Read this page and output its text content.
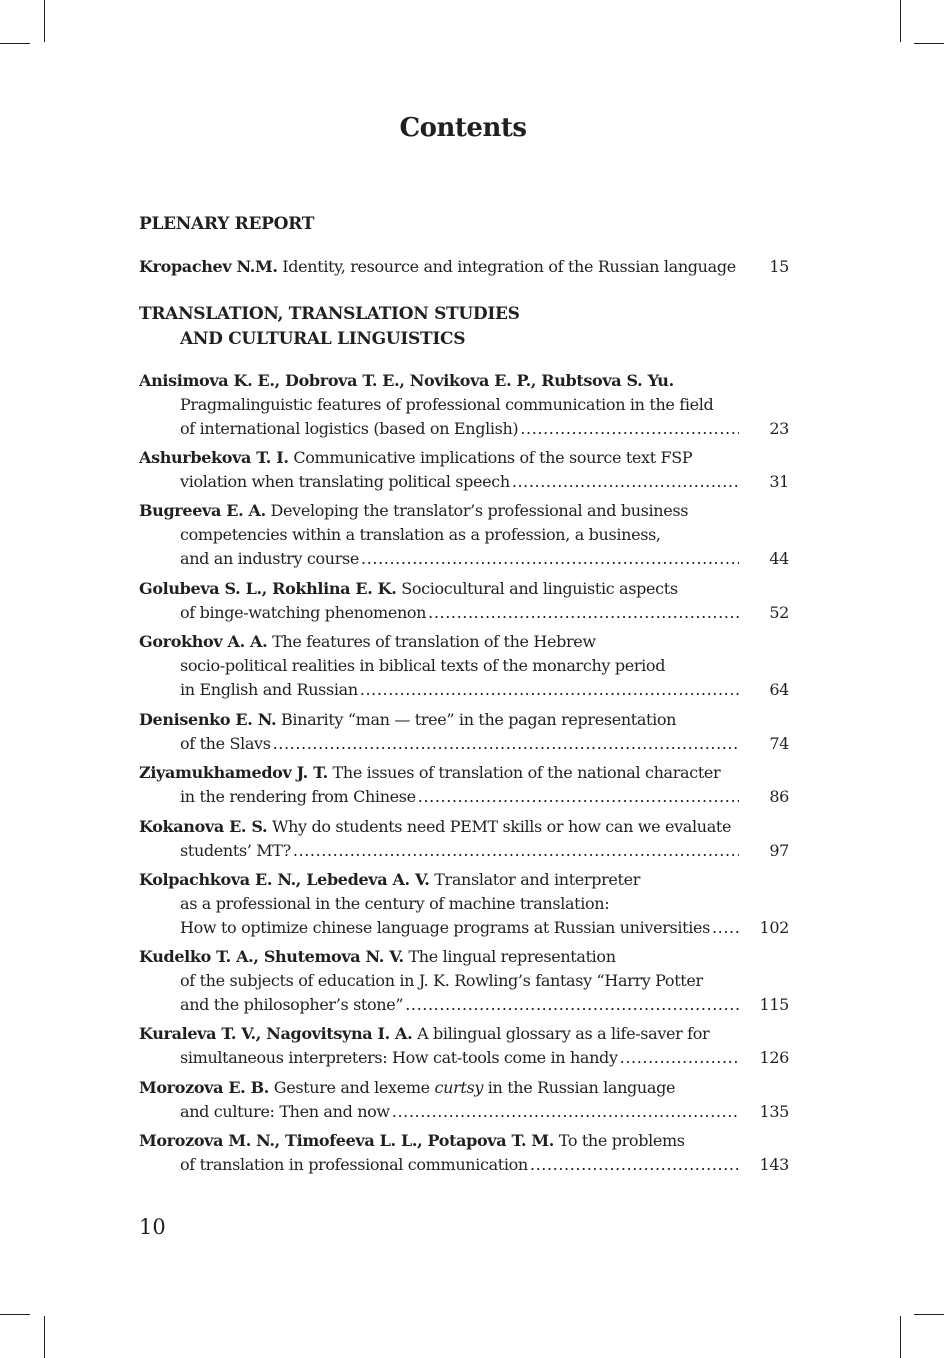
Contents
PLENARY REPORT
Kropachev N.M.
Identity, resource and integration of the Russian language .....	15
TRANSLATION, TRANSLATION STUDIES
AND CULTURAL LINGUISTICS
Anisimova K. E., Dobrova T. E., Novikova E. P., Rubtsova S. Yu.
Pragmalinguistic features of professional communication in the field
of international logistics (based on English) .....	23
Ashurbekova T. I. Communicative implications of the source text FSP
violation when translating political speech .....	31
Bugreeva E. A. Developing the translator’s professional and business
competencies within a translation as a profession, a business,
and an industry course .....	44
Golubeva S. L., Rokhlina E. K. Sociocultural and linguistic aspects
of binge-watching phenomenon .....	52
Gorokhov A. A. The features of translation of the Hebrew
socio-political realities in biblical texts of the monarchy period
in English and Russian .....	64
Denisenko E. N. Binarity “man — tree” in the pagan representation
of the Slavs .....	74
Ziyamukhamedov J. T. The issues of translation of the national character
in the rendering from Chinese .....	86
Kokanova E. S. Why do students need PEMT skills or how can we evaluate
students’ MT? .....	97
Kolpachkova E. N., Lebedeva A. V. Translator and interpreter
as a professional in the century of machine translation:
How to optimize chinese language programs at Russian universities .....	102
Kudelko T. A., Shutemova N. V. The lingual representation
of the subjects of education in J. K. Rowling’s fantasy “Harry Potter
and the philosopher’s stone” .....	115
Kuraleva T. V., Nagovitsyna I. A. A bilingual glossary as a life-saver for
simultaneous interpreters: How cat-tools come in handy .....	126
Morozova E. B. Gesture and lexeme curtsy in the Russian language
and culture: Then and now .....	135
Morozova M. N., Timofeeva L. L., Potapova T. M. To the problems
of translation in professional communication .....	143
10
